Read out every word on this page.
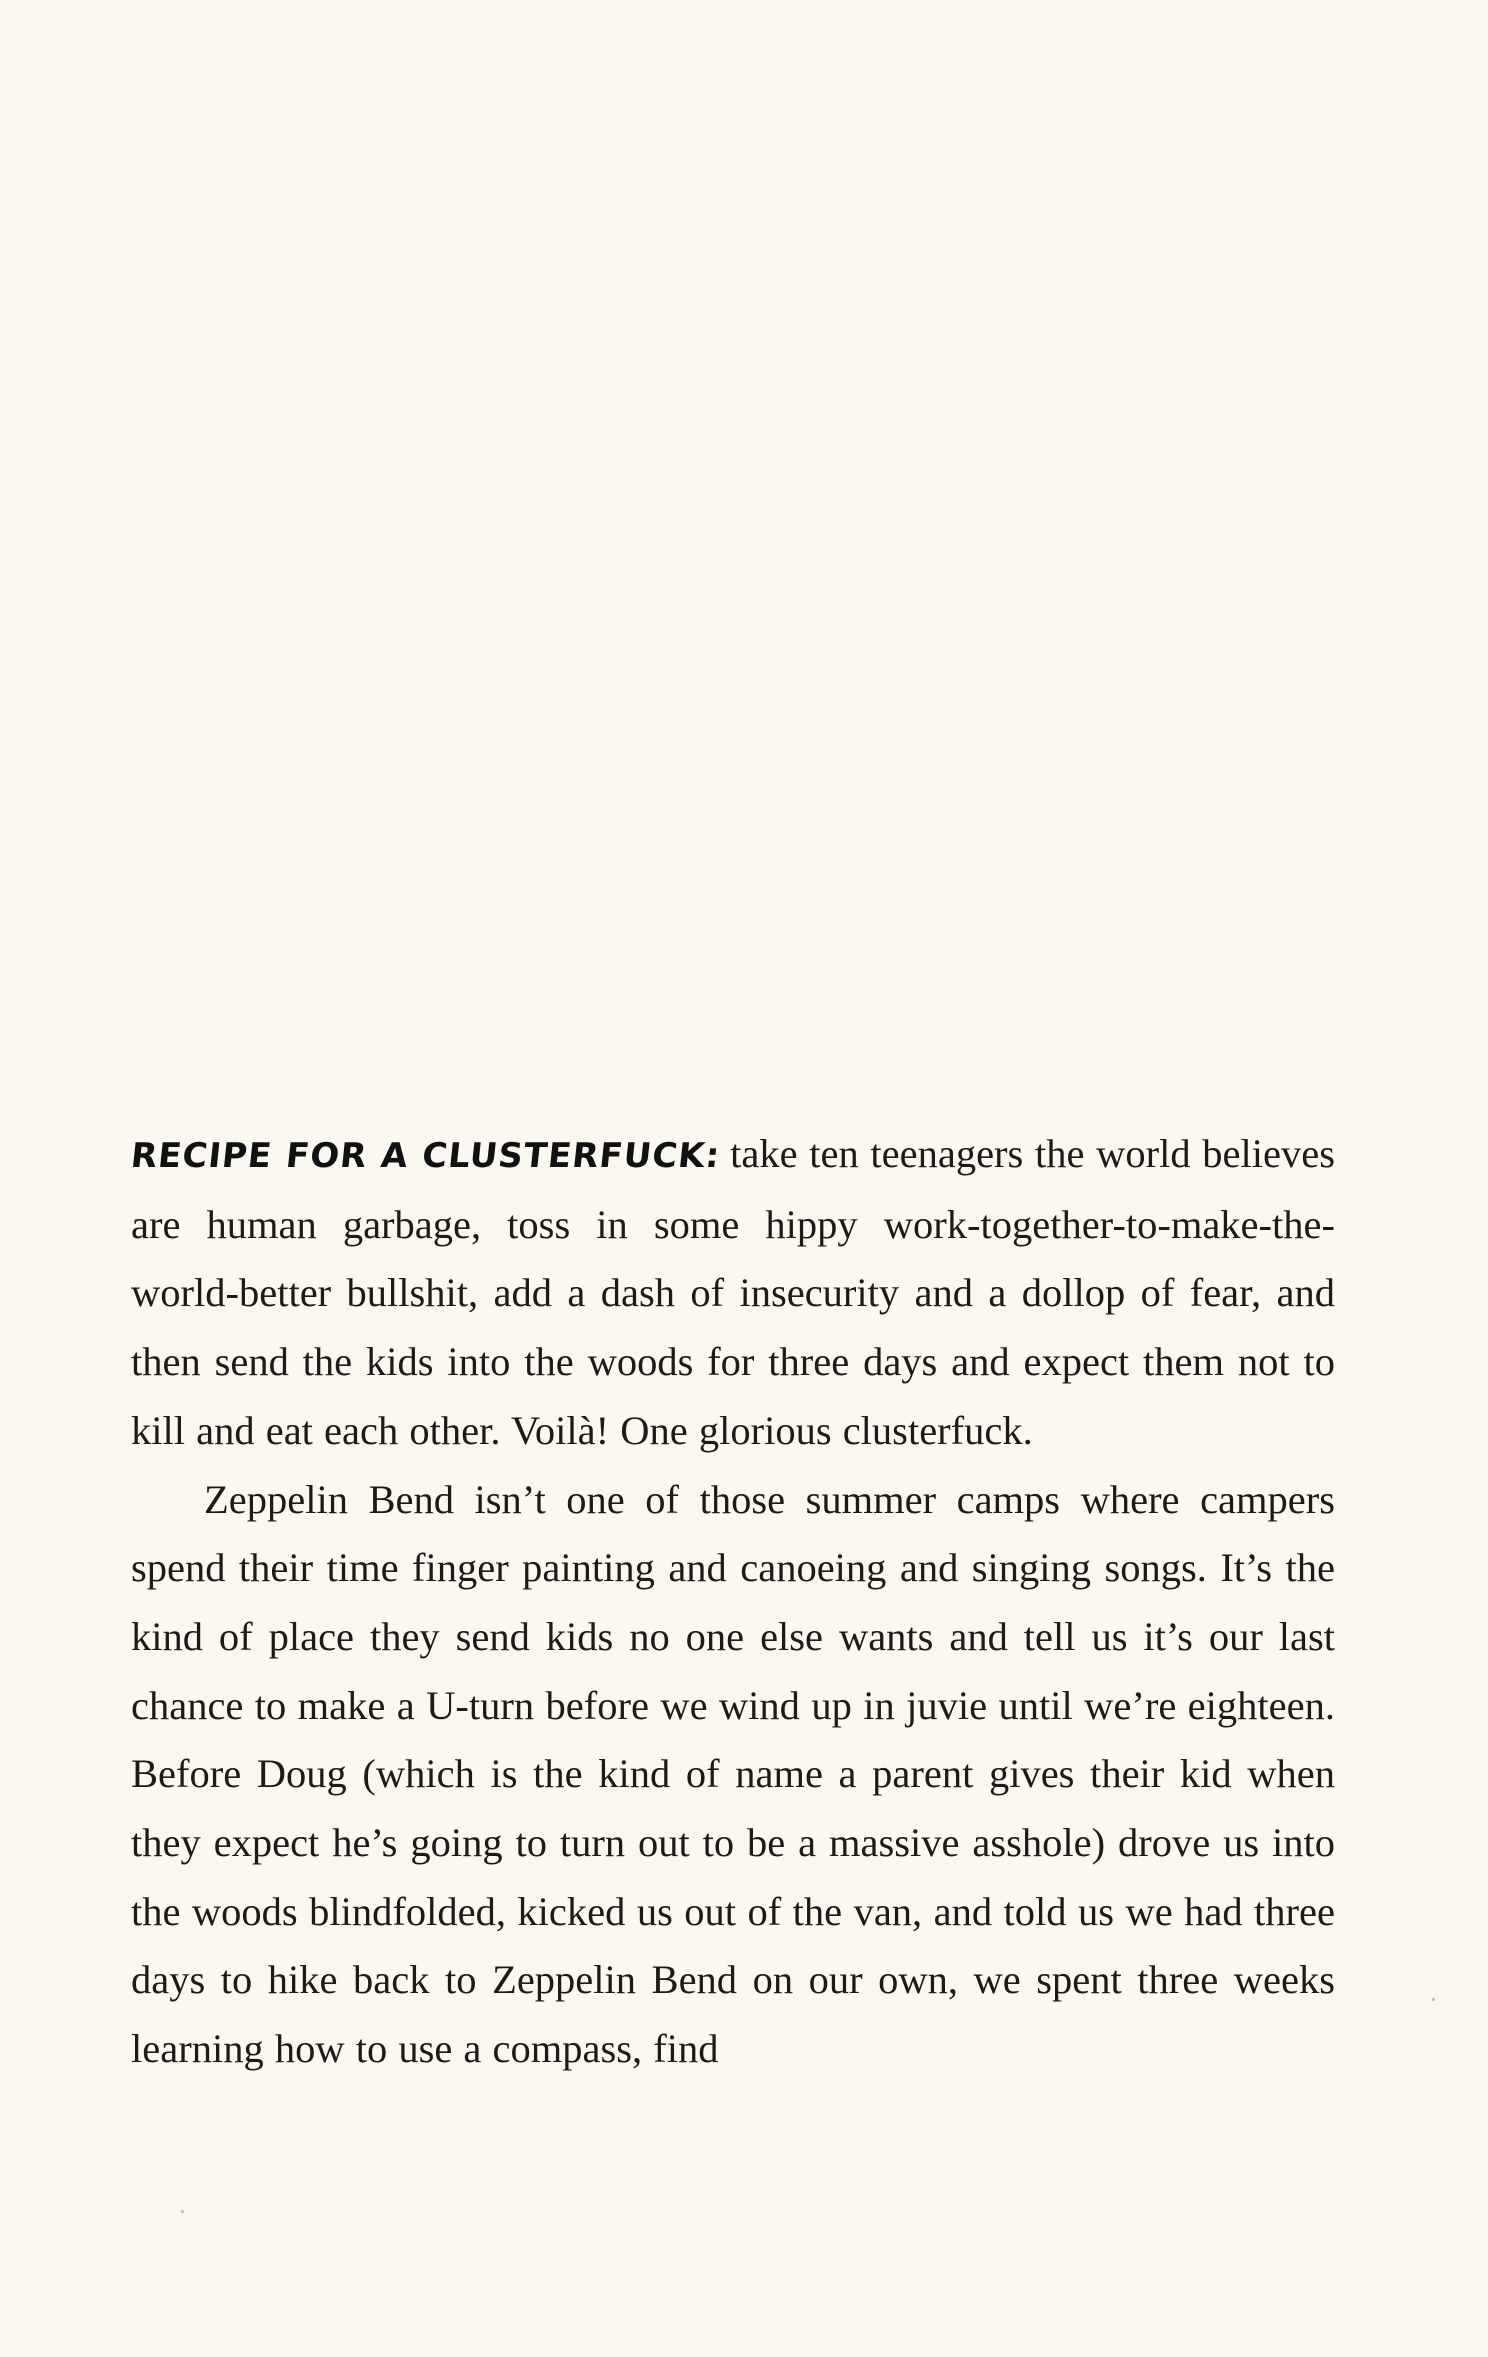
RECIPE FOR A CLUSTERFUCK: take ten teenagers the world believes are human garbage, toss in some hippy work-together-to-make-the-world-better bullshit, add a dash of insecurity and a dollop of fear, and then send the kids into the woods for three days and expect them not to kill and eat each other. Voilà! One glorious clusterfuck.

Zeppelin Bend isn’t one of those summer camps where campers spend their time finger painting and canoeing and singing songs. It’s the kind of place they send kids no one else wants and tell us it’s our last chance to make a U-turn before we wind up in juvie until we’re eighteen. Before Doug (which is the kind of name a parent gives their kid when they expect he’s going to turn out to be a massive asshole) drove us into the woods blindfolded, kicked us out of the van, and told us we had three days to hike back to Zeppelin Bend on our own, we spent three weeks learning how to use a compass, find
